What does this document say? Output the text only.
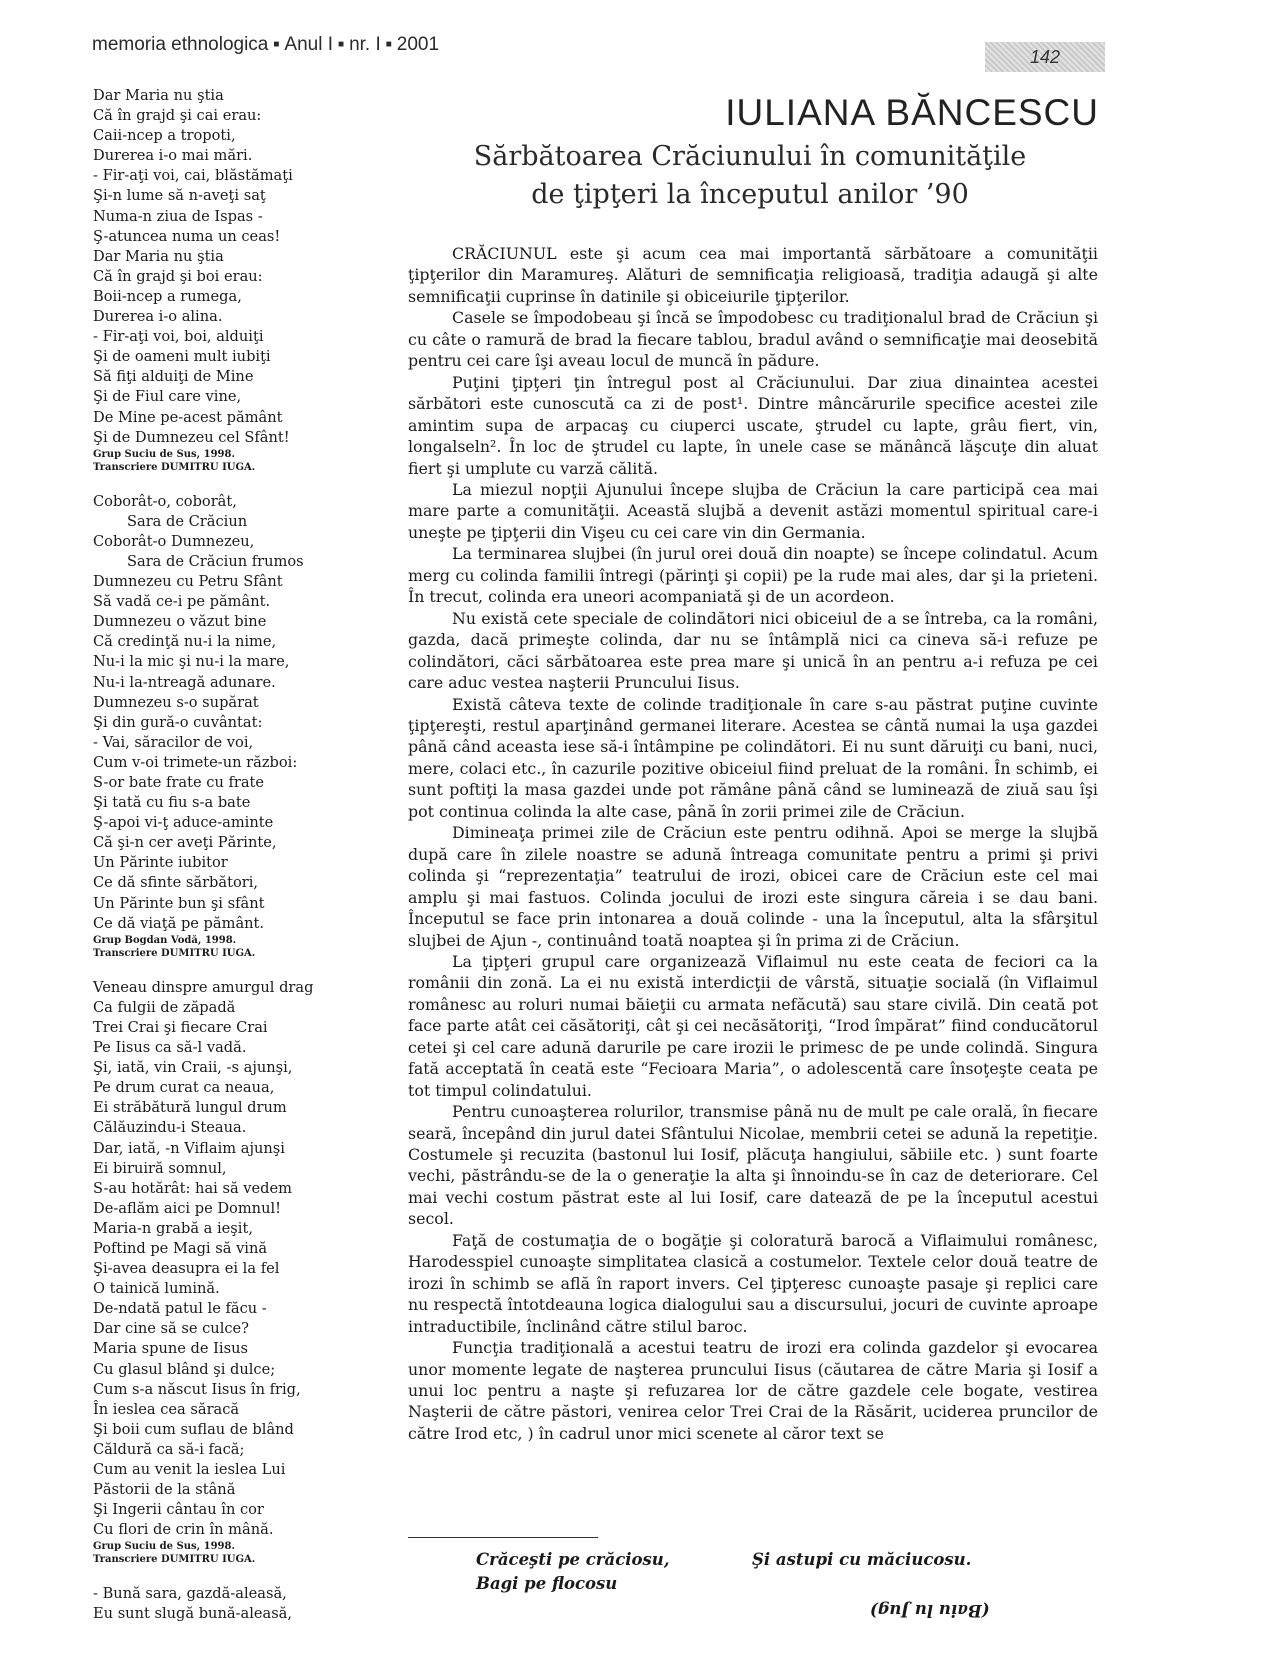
memoria ethnologica ■ Anul I ■ nr. I ■ 2001
142
Dar Maria nu ştia
Că în grajd şi cai erau:
Caii-ncep a tropoti,
Durerea i-o mai mări.
- Fir-aţi voi, cai, blăstămaţi
Şi-n lume să n-aveţi saţ
Numa-n ziua de Ispas -
Ş-atuncea numa un ceas!
Dar Maria nu ştia
Că în grajd şi boi erau:
Boii-ncep a rumega,
Durerea i-o alina.
- Fir-aţi voi, boi, alduiţi
Şi de oameni mult iubiţi
Să fiţi alduiţi de Mine
Şi de Fiul care vine,
De Mine pe-acest pământ
Şi de Dumnezeu cel Sfânt!
Grup Suciu de Sus, 1998.
Transcriere DUMITRU IUGA.
Coborât-o, coborât,
Sara de Crăciun
Coborât-o Dumnezeu,
Sara de Crăciun frumos
Dumnezeu cu Petru Sfânt
Să vadă ce-i pe pământ.
Dumnezeu o văzut bine
Că credinţă nu-i la nime,
Nu-i la mic şi nu-i la mare,
Nu-i la-ntreagă adunare.
Dumnezeu s-o supărat
Şi din gură-o cuvântat:
- Vai, săracilor de voi,
Cum v-oi trimete-un război:
S-or bate frate cu frate
Şi tată cu fiu s-a bate
Ş-apoi vi-ţ aduce-aminte
Că şi-n cer aveţi Părinte,
Un Părinte iubitor
Ce dă sfinte sărbători,
Un Părinte bun şi sfânt
Ce dă viaţă pe pământ.
Grup Bogdan Vodă, 1998.
Transcriere DUMITRU IUGA.
Veneau dinspre amurgul drag
Ca fulgii de zăpadă
Trei Crai şi fiecare Crai
Pe Iisus ca să-l vadă.
Şi, iată, vin Craii, -s ajunşi,
Pe drum curat ca neaua,
Ei străbătură lungul drum
Călăuzindu-i Steaua.
Dar, iată, -n Viflaim ajunşi
Ei biruiră somnul,
S-au hotărât: hai să vedem
De-aflăm aici pe Domnul!
Maria-n grabă a ieşit,
Poftind pe Magi să vină
Şi-avea deasupra ei la fel
O tainică lumină.
De-ndată patul le făcu -
Dar cine să se culce?
Maria spune de Iisus
Cu glasul blând şi dulce;
Cum s-a născut Iisus în frig,
În ieslea cea săracă
Şi boii cum suflau de blând
Căldură ca să-i facă;
Cum au venit la ieslea Lui
Păstorii de la stână
Şi Ingerii cântau în cor
Cu flori de crin în mână.
Grup Suciu de Sus, 1998.
Transcriere DUMITRU IUGA.
- Bună sara, gazdă-aleasă,
Eu sunt slugă bună-aleasă,
IULIANA BĂNCESCU
Sărbătoarea Crăciunului în comunităţile
de ţipţeri la începutul anilor ’90

CRĂCIUNUL este şi acum cea mai importantă sărbătoare a comunităţii ţipţerilor din Maramureş. Alături de semnificaţia religioasă, tradiţia adaugă şi alte semnificaţii cuprinse în datinile şi obiceiurile ţipţerilor.

Casele se împodobeau şi încă se împodobesc cu tradiţionalul brad de Crăciun şi cu câte o ramură de brad la fiecare tablou, bradul având o semnificaţie mai deosebită pentru cei care îşi aveau locul de muncă în pădure.

Puţini ţipţeri ţin întregul post al Crăciunului. Dar ziua dinaintea acestei sărbători este cunoscută ca zi de post¹. Dintre mâncărurile specifice acestei zile amintim supa de arpacaş cu ciuperci uscate, ştrudel cu lapte, grâu fiert, vin, longalseln². În loc de ştrudel cu lapte, în unele case se mănâncă lăşcuţe din aluat fiert şi umplute cu varză călită.

La miezul nopţii Ajunului începe slujba de Crăciun la care participă cea mai mare parte a comunităţii. Această slujbă a devenit astăzi momentul spiritual care-i uneşte pe ţipţerii din Vişeu cu cei care vin din Germania.

La terminarea slujbei (în jurul orei două din noapte) se începe colindatul. Acum merg cu colinda familii întregi (părinţi şi copii) pe la rude mai ales, dar şi la prieteni. În trecut, colinda era uneori acompaniată şi de un acordeon.

Nu există cete speciale de colindători nici obiceiul de a se întreba, ca la români, gazda, dacă primeşte colinda, dar nu se întâmplă nici ca cineva să-i refuze pe colindători, căci sărbătoarea este prea mare şi unică în an pentru a-i refuza pe cei care aduc vestea naşterii Pruncului Iisus.

Există câteva texte de colinde tradiţionale în care s-au păstrat puţine cuvinte ţipţereşti, restul aparţinând germanei literare. Acestea se cântă numai la uşa gazdei până când aceasta iese să-i întâmpine pe colindători. Ei nu sunt dăruiţi cu bani, nuci, mere, colaci etc., în cazurile pozitive obiceiul fiind preluat de la români. În schimb, ei sunt poftiţi la masa gazdei unde pot rămâne până când se luminează de ziuă sau îşi pot continua colinda la alte case, până în zorii primei zile de Crăciun.

Dimineaţa primei zile de Crăciun este pentru odihnă. Apoi se merge la slujbă după care în zilele noastre se adună întreaga comunitate pentru a primi şi privi colinda şi “reprezentaţia” teatrului de irozi, obicei care de Crăciun este cel mai amplu şi mai fastuos. Colinda jocului de irozi este singura căreia i se dau bani. Începutul se face prin intonarea a două colinde - una la începutul, alta la sfârşitul slujbei de Ajun -, continuând toată noaptea şi în prima zi de Crăciun.

La ţipţeri grupul care organizează Viflaimul nu este ceata de feciori ca la românii din zonă. La ei nu există interdicţii de vârstă, situaţie socială (în Viflaimul românesc au roluri numai băieţii cu armata nefăcută) sau stare civilă. Din ceată pot face parte atât cei căsătoriţi, cât şi cei necăsătoriţi, “Irod împărat” fiind conducătorul cetei şi cel care adună darurile pe care irozii le primesc de pe unde colindă. Singura fată acceptată în ceată este “Fecioara Maria”, o adolescentă care însoţeşte ceata pe tot timpul colindatului.

Pentru cunoaşterea rolurilor, transmise până nu de mult pe cale orală, în fiecare seară, începând din jurul datei Sfântului Nicolae, membrii cetei se adună la repetiţie. Costumele şi recuzita (bastonul lui Iosif, plăcuţa hangiului, săbiile etc. ) sunt foarte vechi, păstrându-se de la o generaţie la alta şi înnoindu-se în caz de deteriorare. Cel mai vechi costum păstrat este al lui Iosif, care datează de pe la începutul acestui secol.

Faţă de costumaţia de o bogăţie şi coloratură barocă a Viflaimului românesc, Harodesspiel cunoaşte simplitatea clasică a costumelor. Textele celor două teatre de irozi în schimb se află în raport invers. Cel ţipţeresc cunoaşte pasaje şi replici care nu respectă întotdeauna logica dialogului sau a discursului, jocuri de cuvinte aproape intraductibile, înclinând către stilul baroc.

Funcţia tradiţională a acestui teatru de irozi era colinda gazdelor şi evocarea unor momente legate de naşterea pruncului Iisus (căutarea de către Maria şi Iosif a unui loc pentru a naşte şi refuzarea lor de către gazdele cele bogate, vestirea Naşterii de către păstori, venirea celor Trei Crai de la Răsărit, uciderea pruncilor de către Irod etc, ) în cadrul unor mici scenete al căror text se

Crăceşti pe crăciosu,
Bagi pe flocosu
Şi astupi cu măciucosu.
(Baiu lu Jug)
